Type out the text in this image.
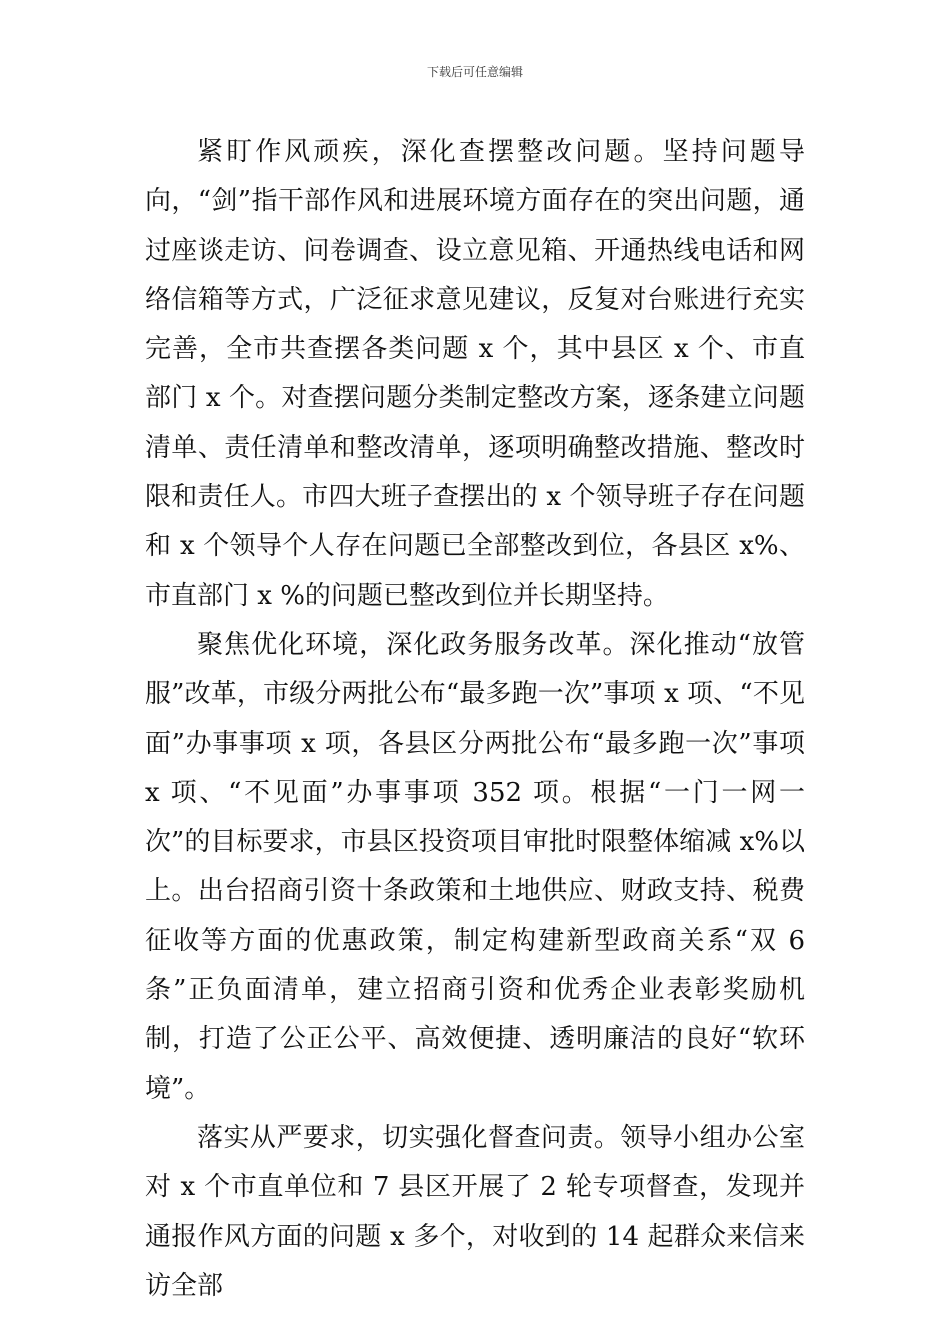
下载后可任意编辑

紧盯作风顽疾，深化查摆整改问题。坚持问题导向，“剑”指干部作风和进展环境方面存在的突出问题，通过座谈走访、问卷调查、设立意见箱、开通热线电话和网络信箱等方式，广泛征求意见建议，反复对台账进行充实完善，全市共查摆各类问题 x 个，其中县区 x 个、市直部门 x 个。对查摆问题分类制定整改方案，逐条建立问题清单、责任清单和整改清单，逐项明确整改措施、整改时限和责任人。市四大班子查摆出的 x 个领导班子存在问题和 x 个领导个人存在问题已全部整改到位，各县区 x%、市直部门 x %的问题已整改到位并长期坚持。

聚焦优化环境，深化政务服务改革。深化推动“放管服”改革，市级分两批公布“最多跑一次”事项 x 项、“不见面”办事事项 x 项，各县区分两批公布“最多跑一次”事项 x 项、“不见面”办事事项 352 项。根据“一门一网一次”的目标要求，市县区投资项目审批时限整体缩减 x%以上。出台招商引资十条政策和土地供应、财政支持、税费征收等方面的优惠政策，制定构建新型政商关系“双 6 条”正负面清单，建立招商引资和优秀企业表彰奖励机制，打造了公正公平、高效便捷、透明廉洁的良好“软环境”。

落实从严要求，切实强化督查问责。领导小组办公室对 x 个市直单位和 7 县区开展了 2 轮专项督查，发现并通报作风方面的问题 x 多个，对收到的 14 起群众来信来访全部
